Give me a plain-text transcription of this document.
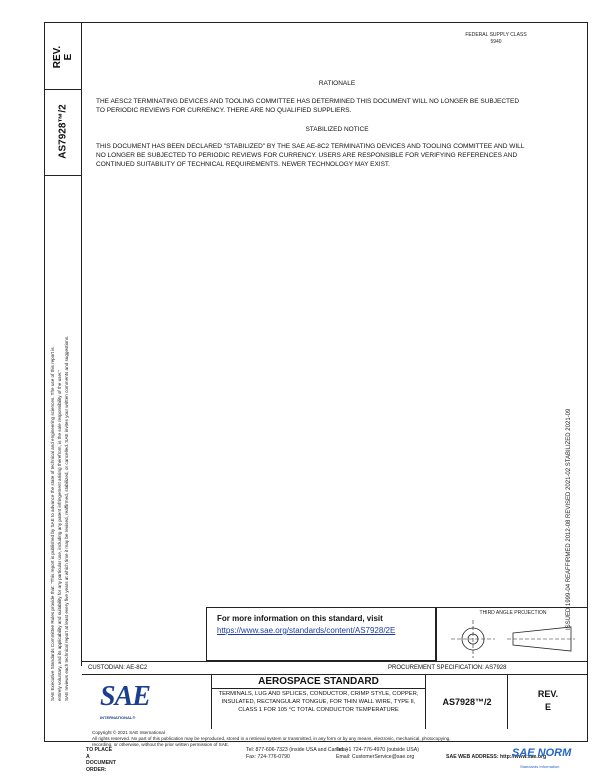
REV.
E
AS7928™/2
SAE Executive Standards Committee Rules provide that: "This report is published by SAE to advance the state of technical and engineering sciences. The use of this report is entirely voluntary, and its applicability and suitability for any particular use, including any patent infringement arising therefrom, is the sole responsibility of the user." SAE reviews each technical report at least every five years at which time it may be revised, reaffirmed, stabilized, or cancelled. SAE invites your written comments and suggestions.
FEDERAL SUPPLY CLASS
5940
RATIONALE
THE AESC2 TERMINATING DEVICES AND TOOLING COMMITTEE HAS DETERMINED THIS DOCUMENT WILL NO LONGER BE SUBJECTED TO PERIODIC REVIEWS FOR CURRENCY. THERE ARE NO QUALIFIED SUPPLIERS.
STABILIZED NOTICE
THIS DOCUMENT HAS BEEN DECLARED "STABILIZED" BY THE SAE AE-8C2 TERMINATING DEVICES AND TOOLING COMMITTEE AND WILL NO LONGER BE SUBJECTED TO PERIODIC REVIEWS FOR CURRENCY. USERS ARE RESPONSIBLE FOR VERIFYING REFERENCES AND CONTINUED SUITABILITY OF TECHNICAL REQUIREMENTS. NEWER TECHNOLOGY MAY EXIST.
ISSUED 1999-04 REAFFIRMED 2012-08 REVISED 2021-02 STABILIZED 2021-09
For more information on this standard, visit
https://www.sae.org/standards/content/AS7928/2E
THIRD ANGLE PROJECTION
CUSTODIAN: AE-8C2	PROCUREMENT SPECIFICATION: AS7928
SAE
INTERNATIONAL®
AEROSPACE STANDARD
TERMINALS, LUG AND SPLICES, CONDUCTOR, CRIMP STYLE, COPPER, INSULATED, RECTANGULAR TONGUE, FOR THIN WALL WIRE, TYPE II, CLASS 1 FOR 105 °C TOTAL CONDUCTOR TEMPERATURE
AS7928™/2
REV.
E
Copyright © 2021 SAE International
All rights reserved. No part of this publication may be reproduced, stored in a retrieval system or transmitted, in any form or by any means, electronic, mechanical, photocopying,
recording, or otherwise, without the prior written permission of SAE.
TO PLACE A DOCUMENT ORDER:
Tel: 877-606-7323 (inside USA and Canada)
Fax: 724-776-0790
Tel: +1 724-776-4970 (outside USA)
Email: CustomerService@sae.org	SAE WEB ADDRESS: http://www.sae.org
SAE NORM
Standards Information
